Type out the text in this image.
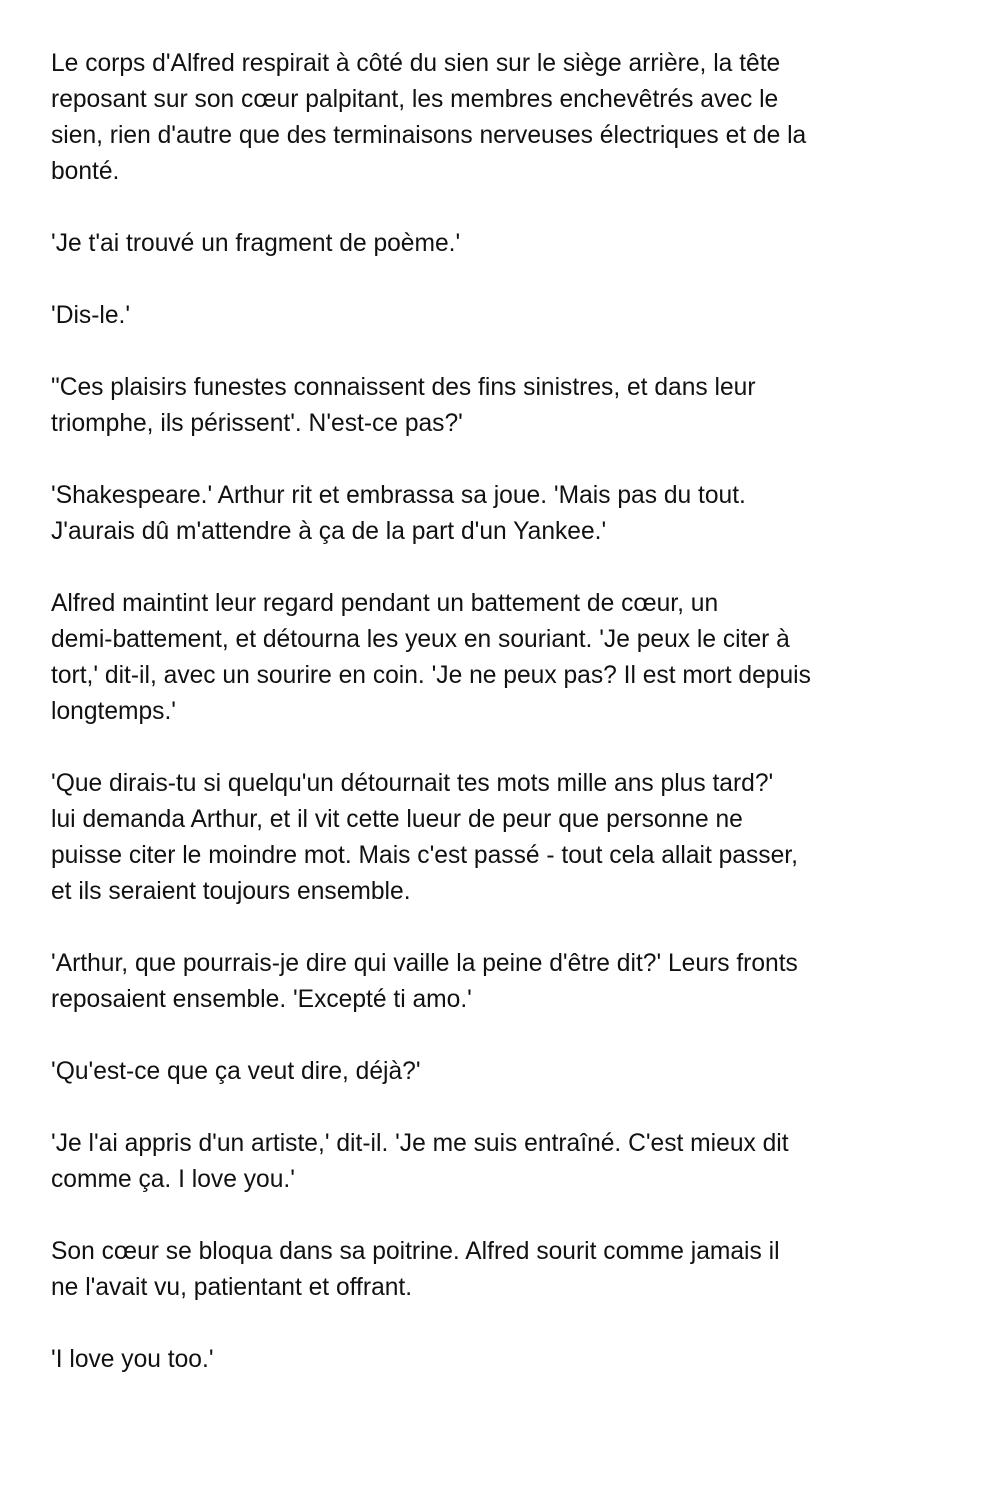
Le corps d'Alfred respirait à côté du sien sur le siège arrière, la tête
reposant sur son cœur palpitant, les membres enchevêtrés avec le
sien, rien d'autre que des terminaisons nerveuses électriques et de la
bonté.

'Je t'ai trouvé un fragment de poème.'

'Dis-le.'

"Ces plaisirs funestes connaissent des fins sinistres, et dans leur
triomphe, ils périssent'. N'est-ce pas?'

'Shakespeare.' Arthur rit et embrassa sa joue. 'Mais pas du tout.
J'aurais dû m'attendre à ça de la part d'un Yankee.'

Alfred maintint leur regard pendant un battement de cœur, un
demi-battement, et détourna les yeux en souriant. 'Je peux le citer à
tort,' dit-il, avec un sourire en coin. 'Je ne peux pas? Il est mort depuis
longtemps.'

'Que dirais-tu si quelqu'un détournait tes mots mille ans plus tard?'
lui demanda Arthur, et il vit cette lueur de peur que personne ne
puisse citer le moindre mot. Mais c'est passé - tout cela allait passer,
et ils seraient toujours ensemble.

'Arthur, que pourrais-je dire qui vaille la peine d'être dit?' Leurs fronts
reposaient ensemble. 'Excepté ti amo.'

'Qu'est-ce que ça veut dire, déjà?'

'Je l'ai appris d'un artiste,' dit-il. 'Je me suis entraîné. C'est mieux dit
comme ça. I love you.'

Son cœur se bloqua dans sa poitrine. Alfred sourit comme jamais il
ne l'avait vu, patientant et offrant.

'I love you too.'
